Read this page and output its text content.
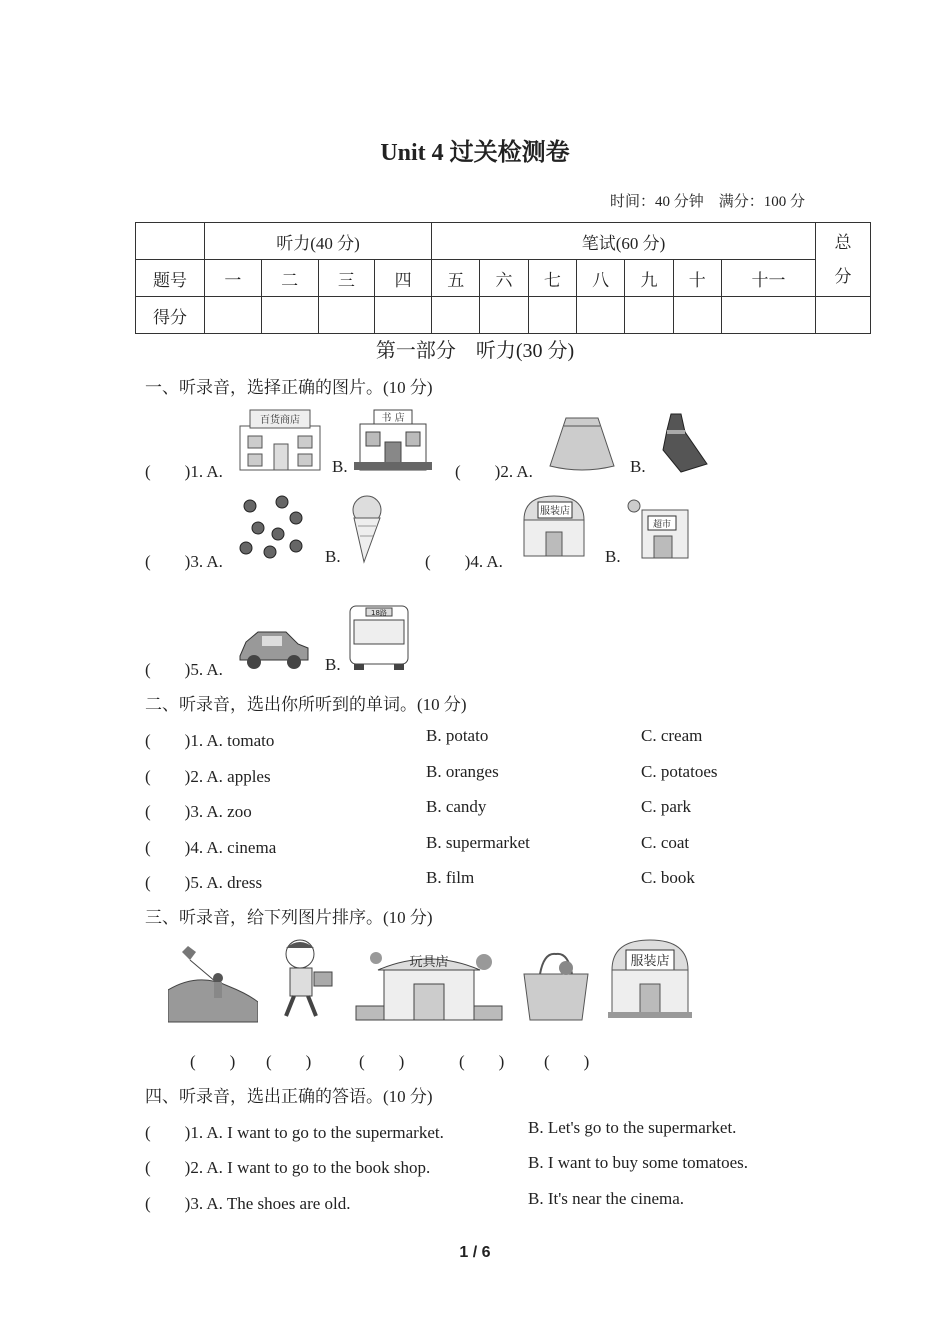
Unit 4 过关检测卷
时间：40 分钟　满分：100 分
	听力(40 分)				笔试(60 分)							总分
题号	一	二	三	四	五	六	七	八	九	十	十一	
得分												
第一部分　听力(30 分)
一、听录音，选择正确的图片。(10 分)
(　　)1. A.
百货商店
B.
书 店
(　　)2. A.	B.
(　　)3. A.	B.	(　　)4. A.
服装店
B.
超市
(　　)5. A.	B.
18路
二、听录音，选出你所听到的单词。(10 分)
(　　)1. A. tomato	B. potato	C. cream
(　　)2. A. apples	B. oranges	C. potatoes
(　　)3. A. zoo	B. candy	C. park
(　　)4. A. cinema	B. supermarket	C. coat
(　　)5. A. dress	B. film	C. book
三、听录音，给下列图片排序。(10 分)
玩具店	服装店
(　　) (　　)	(　　)	(　　) (　　)
四、听录音，选出正确的答语。(10 分)
(　　)1. A. I want to go to the supermarket.	B. Let's go to the supermarket.
(　　)2. A. I want to go to the book shop.	B. I want to buy some tomatoes.
(　　)3. A. The shoes are old.	B. It's near the cinema.
1 / 6
